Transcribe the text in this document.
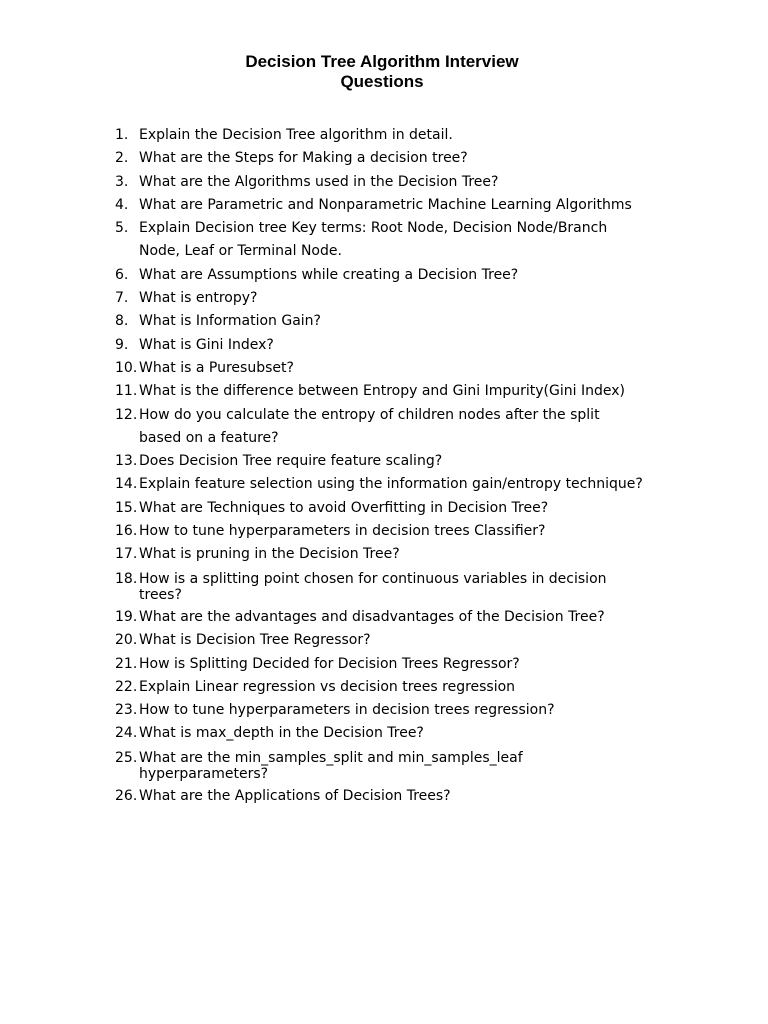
Decision Tree Algorithm Interview
Questions
1. Explain the Decision Tree algorithm in detail.
2. What are the Steps for Making a decision tree?
3. What are the Algorithms used in the Decision Tree?
4. What are Parametric and Nonparametric Machine Learning Algorithms
5. Explain Decision tree Key terms: Root Node, Decision Node/Branch
Node, Leaf or Terminal Node.
6. What are Assumptions while creating a Decision Tree?
7. What is entropy?
8. What is Information Gain?
9. What is Gini Index?
10. What is a Puresubset?
11. What is the difference between Entropy and Gini Impurity(Gini Index)
12. How do you calculate the entropy of children nodes after the split
based on a feature?
13. Does Decision Tree require feature scaling?
14. Explain feature selection using the information gain/entropy technique?
15. What are Techniques to avoid Overfitting in Decision Tree?
16. How to tune hyperparameters in decision trees Classifier?
17. What is pruning in the Decision Tree?
18. How is a splitting point chosen for continuous variables in decision
trees?
19. What are the advantages and disadvantages of the Decision Tree?
20. What is Decision Tree Regressor?
21. How is Splitting Decided for Decision Trees Regressor?
22. Explain Linear regression vs decision trees regression
23. How to tune hyperparameters in decision trees regression?
24. What is max_depth in the Decision Tree?
25. What are the min_samples_split and min_samples_leaf
hyperparameters?
26. What are the Applications of Decision Trees?
